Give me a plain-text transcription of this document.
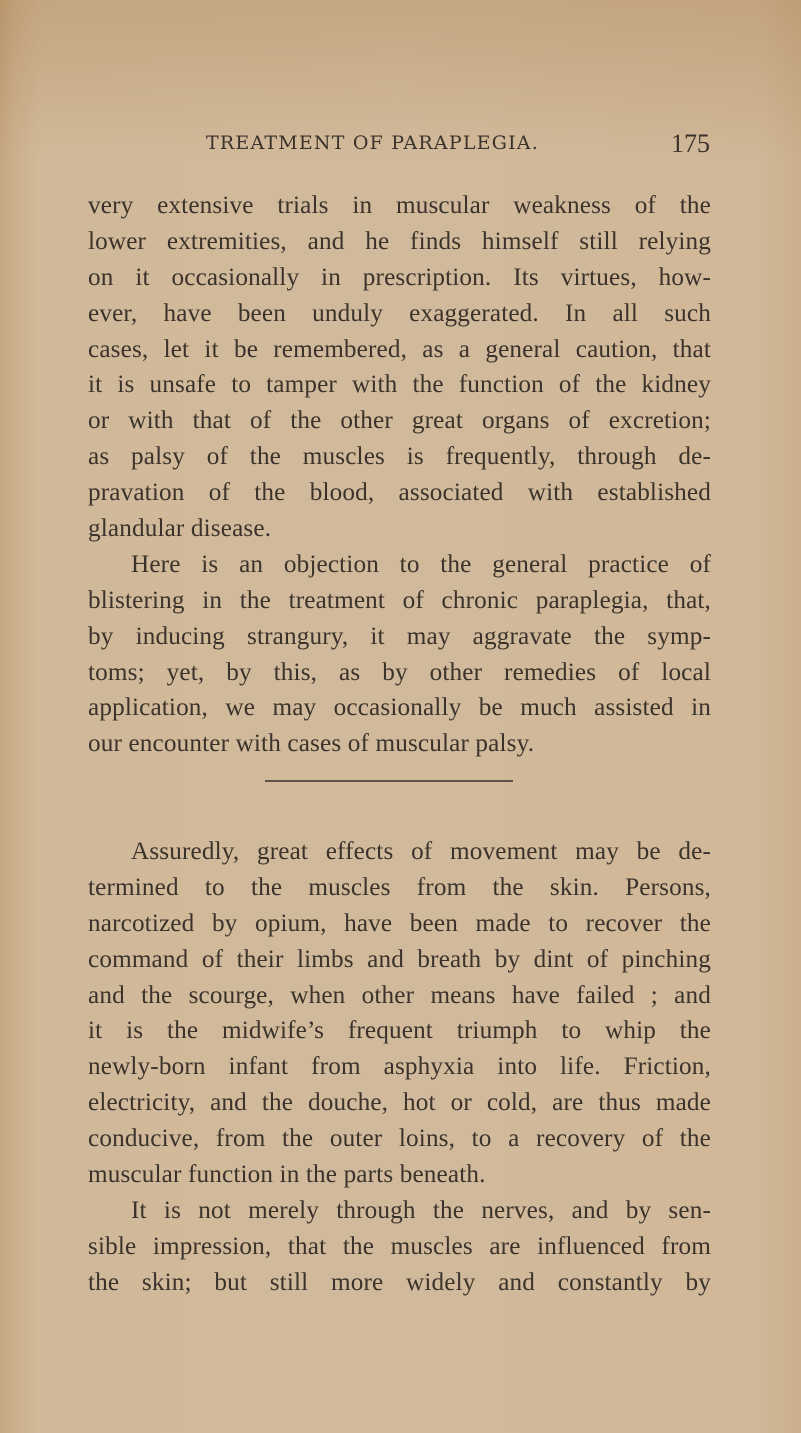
TREATMENT OF PARAPLEGIA.	175
very extensive trials in muscular weakness of the
lower extremities, and he finds himself still relying
on it occasionally in prescription. Its virtues, how-
ever, have been unduly exaggerated. In all such
cases, let it be remembered, as a general caution, that
it is unsafe to tamper with the function of the kidney
or with that of the other great organs of excretion;
as palsy of the muscles is frequently, through de-
pravation of the blood, associated with established
glandular disease.
Here is an objection to the general practice of
blistering in the treatment of chronic paraplegia, that,
by inducing strangury, it may aggravate the symp-
toms; yet, by this, as by other remedies of local
application, we may occasionally be much assisted in
our encounter with cases of muscular palsy.
Assuredly, great effects of movement may be de-
termined to the muscles from the skin. Persons,
narcotized by opium, have been made to recover the
command of their limbs and breath by dint of pinching
and the scourge, when other means have failed ; and
it is the midwife’s frequent triumph to whip the
newly-born infant from asphyxia into life. Friction,
electricity, and the douche, hot or cold, are thus made
conducive, from the outer loins, to a recovery of the
muscular function in the parts beneath.
It is not merely through the nerves, and by sen-
sible impression, that the muscles are influenced from
the skin; but still more widely and constantly by
